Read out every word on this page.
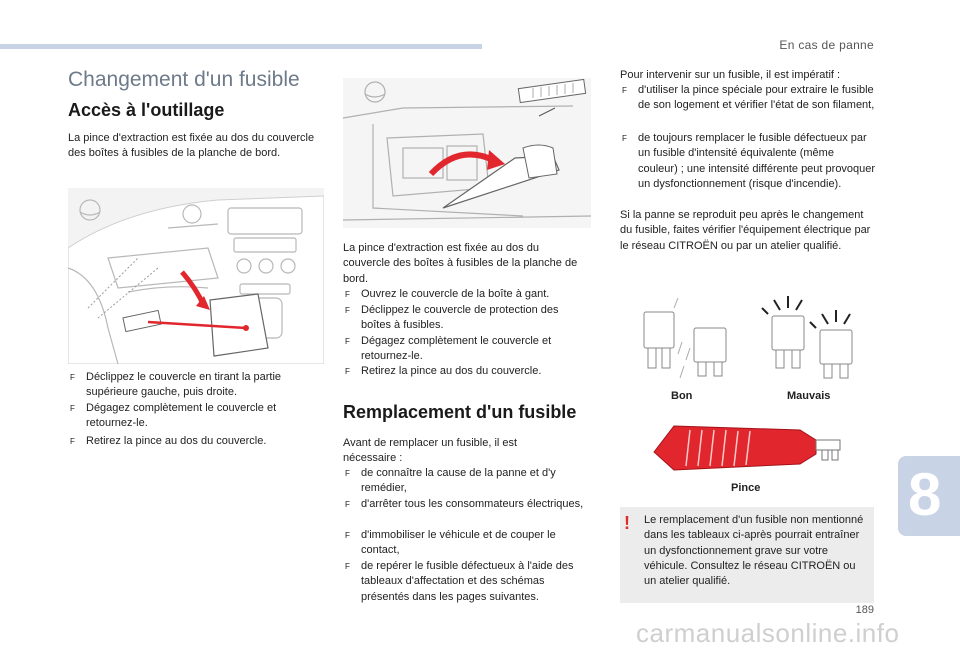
En cas de panne
Changement d'un fusible
Accès à l'outillage
La pince d'extraction est fixée au dos du couvercle des boîtes à fusibles de la planche de bord.
F Déclippez le couvercle en tirant la partie supérieure gauche, puis droite.
F Dégagez complètement le couvercle et retournez-le.
F Retirez la pince au dos du couvercle.
La pince d'extraction est fixée au dos du couvercle des boîtes à fusibles de la planche de bord.
F Ouvrez le couvercle de la boîte à gant.
F Déclippez le couvercle de protection des boîtes à fusibles.
F Dégagez complètement le couvercle et retournez-le.
F Retirez la pince au dos du couvercle.
Remplacement d'un fusible
Avant de remplacer un fusible, il est nécessaire :
F de connaître la cause de la panne et d'y remédier,
F d'arrêter tous les consommateurs électriques,
F d'immobiliser le véhicule et de couper le contact,
F de repérer le fusible défectueux à l'aide des tableaux d'affectation et des schémas présentés dans les pages suivantes.
Pour intervenir sur un fusible, il est impératif :
F d'utiliser la pince spéciale pour extraire le fusible de son logement et vérifier l'état de son filament,
F de toujours remplacer le fusible défectueux par un fusible d'intensité équivalente (même couleur) ; une intensité différente peut provoquer un dysfonctionnement (risque d'incendie).
Si la panne se reproduit peu après le changement du fusible, faites vérifier l'équipement électrique par le réseau CITROËN ou par un atelier qualifié.
Bon	Mauvais
Pince
! Le remplacement d'un fusible non mentionné dans les tableaux ci-après pourrait entraîner un dysfonctionnement grave sur votre véhicule. Consultez le réseau CITROËN ou un atelier qualifié.
8
189
carmanualsonline.info
